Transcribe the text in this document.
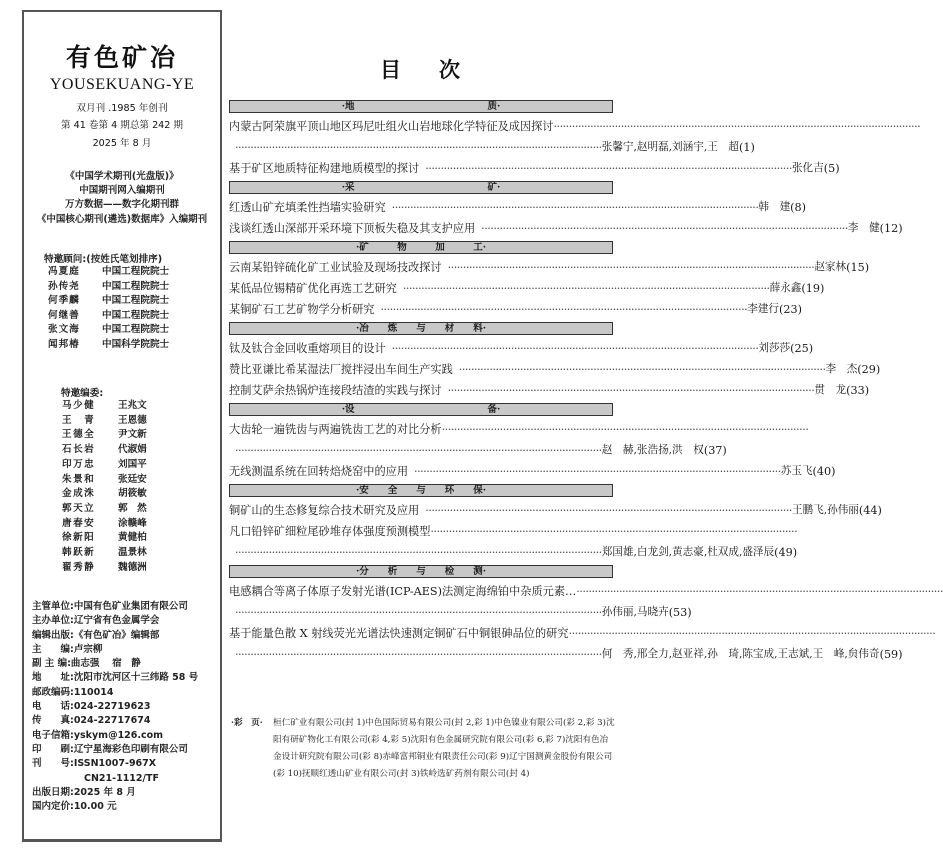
有色矿冶
YOUSEKUANG-YE
双月刊 .1985 年创刊
第 41 卷第 4 期总第 242 期
2025 年 8 月
《中国学术期刊(光盘版)》
中国期刊网入编期刊
万方数据——数字化期刊群
《中国核心期刊(遴选)数据库》入编期刊
特邀顾问:(按姓氏笔划排序)
冯夏庭	中国工程院院士
孙传尧	中国工程院院士
何季麟	中国工程院院士
何继善	中国工程院院士
张文海	中国工程院院士
闻邦椿	中国科学院院士
特邀编委:
马少健	王兆文
王　青	王恩德
王德全	尹文新
石长岩	代淑娟
印万忠	刘国平
朱景和	张廷安
金成洙	胡筱敏
郭天立	郭　然
唐春安	涂赣峰
徐新阳	黄健柏
韩跃新	温景林
翟秀静	魏德洲
主管单位: 中国有色矿业集团有限公司
主办单位: 辽宁省有色金属学会
编辑出版: 《有色矿冶》编辑部
主　　编: 卢宗柳
副 主 编: 曲志强　 宿　静
地　　址: 沈阳市沈河区十三纬路 58 号
邮政编码: 110014
电　　话: 024-22719623
传　　真: 024-22717674
电子信箱: yskym@126.com
印　　刷: 辽宁星海彩色印刷有限公司
刊　　号: ISSN1007-967X
CN21-1112/TF
出版日期: 2025 年 8 月
国内定价: 10.00 元
目次
·地　　　　　　　　　　　　　　质·
内蒙古阿荣旗平顶山地区玛尼吐组火山岩地球化学特征及成因探讨 ························································································································
························································································································ 张馨宁,赵明磊,刘涵宇,王　超 (1)
基于矿区地质特征构建地质模型的探讨 ························································································································ 张化吉 (5)
·采　　　　　　　　　　　　　　矿·
红透山矿充填柔性挡墙实验研究 ························································································································ 韩　建 (8)
浅谈红透山深部开采环境下顶板失稳及其支护应用 ························································································································ 李　健 (12)
·矿　　　物　　　加　　　工·
云南某铅锌硫化矿工业试验及现场技改探讨 ························································································································ 赵家林 (15)
某低品位锡精矿优化再选工艺研究 ························································································································ 薛永鑫 (19)
某铜矿石工艺矿物学分析研究 ························································································································ 李建行 (23)
·冶　　炼　　与　　材　　料·
钛及钛合金回收重熔项目的设计 ························································································································ 刘莎莎 (25)
赞比亚谦比希某湿法厂搅拌浸出车间生产实践 ························································································································ 李　杰 (29)
控制艾萨余热锅炉连接段结渣的实践与探讨 ························································································································ 贯　龙 (33)
·设　　　　　　　　　　　　　　备·
大齿轮一遍铣齿与两遍铣齿工艺的对比分析 ························································································································
························································································································ 赵　赫,张浩扬,洪　权 (37)
无线测温系统在回转焙烧窑中的应用 ························································································································ 苏玉飞 (40)
·安　　全　　与　　环　　保·
铜矿山的生态修复综合技术研究及应用 ························································································································ 王鹏飞,孙伟丽 (44)
凡口铅锌矿细粒尾砂堆存体强度预测模型 ························································································································
························································································································ 郑国雄,白龙剑,黄志豪,杜双成,盛泽辰 (49)
·分　　析　　与　　检　　测·
电感耦合等离子体原子发射光谱(ICP-AES)法测定海绵铂中杂质元素… ························································································································
························································································································ 孙伟丽,马晓卉 (53)
基于能量色散 X 射线荧光光谱法快速测定铜矿石中铜银砷品位的研究 ························································································································
························································································································ 何　秀,邢全力,赵亚祥,孙　琦,陈宝成,王志斌,王　峰,贠伟奇 (59)
·彩　页· 桓仁矿业有限公司(封 1)中色国际贸易有限公司(封 2,彩 1)中色镍业有限公司(彩 2,彩 3)沈阳有研矿物化工有限公司(彩 4,彩 5)沈阳有色金属研究院有限公司(彩 6,彩 7)沈阳有色冶金设计研究院有限公司(彩 8)赤峰富邦铜业有限责任公司(彩 9)辽宁国测黄金股份有限公司(彩 10)抚顺红透山矿业有限公司(封 3)铁岭选矿药剂有限公司(封 4)
